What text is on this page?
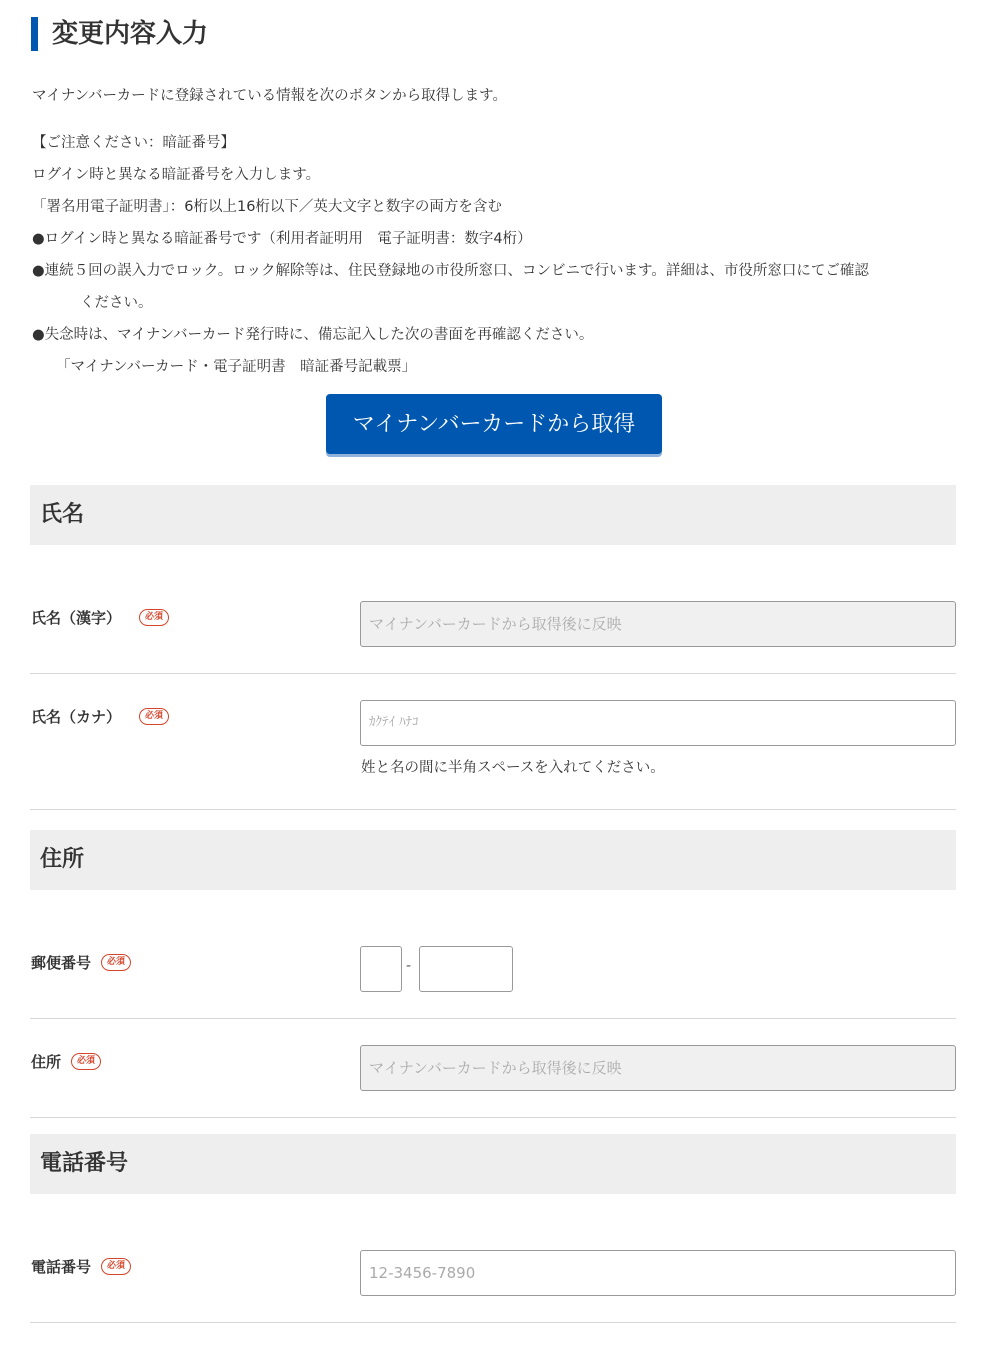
変更内容入力
マイナンバーカードに登録されている情報を次のボタンから取得します。
【ご注意ください：暗証番号】
ログイン時と異なる暗証番号を入力します。
「署名用電子証明書」：6桁以上16桁以下／英大文字と数字の両方を含む
●ログイン時と異なる暗証番号です（利用者証明用　電子証明書：数字4桁）
●連続５回の誤入力でロック。ロック解除等は、住民登録地の市役所窓口、コンビニで行います。詳細は、市役所窓口にてご確認
ください。
●失念時は、マイナンバーカード発行時に、備忘記入した次の書面を再確認ください。
「マイナンバーカード・電子証明書　暗証番号記載票」
マイナンバーカードから取得
氏名
氏名（漢字）	必須	マイナンバーカードから取得後に反映
氏名（カナ）	必須	ｶｸﾃｲ ﾊﾅｺ
姓と名の間に半角スペースを入れてください。
住所
郵便番号	必須	-
住所	必須	マイナンバーカードから取得後に反映
電話番号
電話番号	必須	12-3456-7890
